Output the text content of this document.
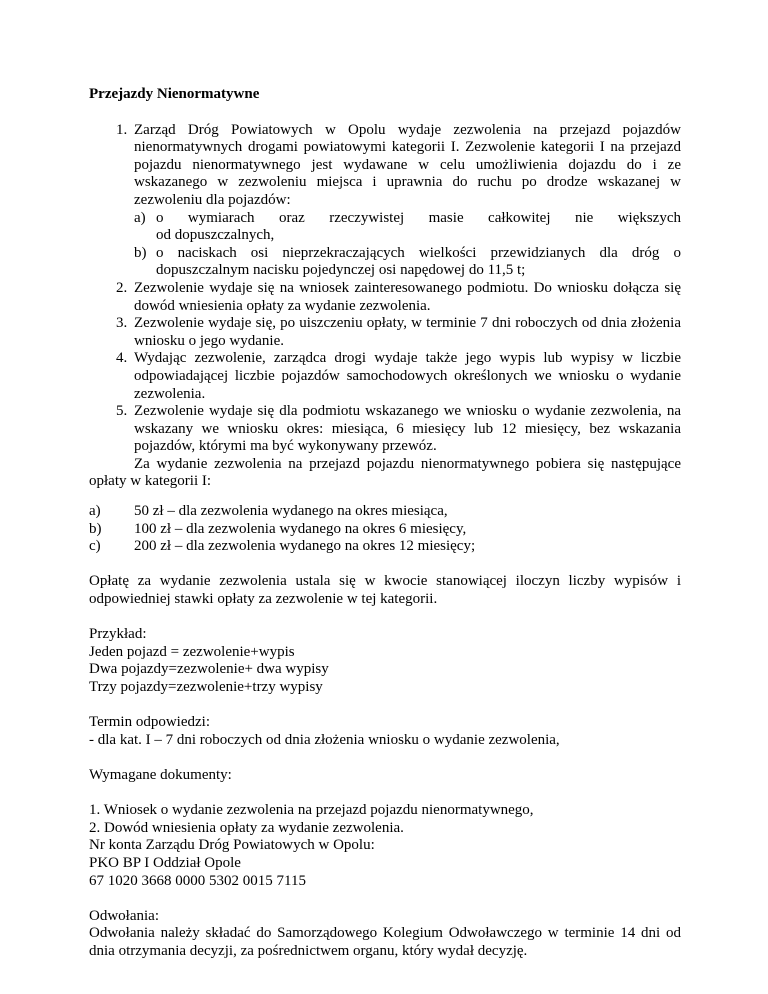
Przejazdy Nienormatywne
1. Zarząd Dróg Powiatowych w Opolu wydaje zezwolenia na przejazd pojazdów nienormatywnych drogami powiatowymi kategorii I. Zezwolenie kategorii I na przejazd pojazdu nienormatywnego jest wydawane w celu umożliwienia dojazdu do i ze wskazanego w zezwoleniu miejsca i uprawnia do ruchu po drodze wskazanej w zezwoleniu dla pojazdów:
a) o wymiarach oraz rzeczywistej masie całkowitej nie większych
od dopuszczalnych,
b) o naciskach osi nieprzekraczających wielkości przewidzianych dla dróg o dopuszczalnym nacisku pojedynczej osi napędowej do 11,5 t;
2. Zezwolenie wydaje się na wniosek zainteresowanego podmiotu. Do wniosku dołącza się dowód wniesienia opłaty za wydanie zezwolenia.
3. Zezwolenie wydaje się, po uiszczeniu opłaty, w terminie 7 dni roboczych od dnia złożenia wniosku o jego wydanie.
4. Wydając zezwolenie, zarządca drogi wydaje także jego wypis lub wypisy w liczbie odpowiadającej liczbie pojazdów samochodowych określonych we wniosku o wydanie zezwolenia.
5. Zezwolenie wydaje się dla podmiotu wskazanego we wniosku o wydanie zezwolenia, na wskazany we wniosku okres: miesiąca, 6 miesięcy lub 12 miesięcy, bez wskazania pojazdów, którymi ma być wykonywany przewóz.
Za wydanie zezwolenia na przejazd pojazdu nienormatywnego pobiera się następujące opłaty w kategorii I:
a) 50 zł – dla zezwolenia wydanego na okres miesiąca,
b) 100 zł – dla zezwolenia wydanego na okres 6 miesięcy,
c) 200 zł – dla zezwolenia wydanego na okres 12 miesięcy;
Opłatę za wydanie zezwolenia ustala się w kwocie stanowiącej iloczyn liczby wypisów i odpowiedniej stawki opłaty za zezwolenie w tej kategorii.
Przykład:
Jeden pojazd = zezwolenie+wypis
Dwa pojazdy=zezwolenie+ dwa wypisy
Trzy pojazdy=zezwolenie+trzy wypisy
Termin odpowiedzi:
- dla kat. I – 7 dni roboczych od dnia złożenia wniosku o wydanie zezwolenia,
Wymagane dokumenty:
1. Wniosek o wydanie zezwolenia na przejazd pojazdu nienormatywnego,
2. Dowód wniesienia opłaty za wydanie zezwolenia.
Nr konta Zarządu Dróg Powiatowych w Opolu:
PKO BP I Oddział Opole
67 1020 3668 0000 5302 0015 7115
Odwołania:
Odwołania należy składać do Samorządowego Kolegium Odwoławczego w terminie 14 dni od dnia otrzymania decyzji, za pośrednictwem organu, który wydał decyzję.
